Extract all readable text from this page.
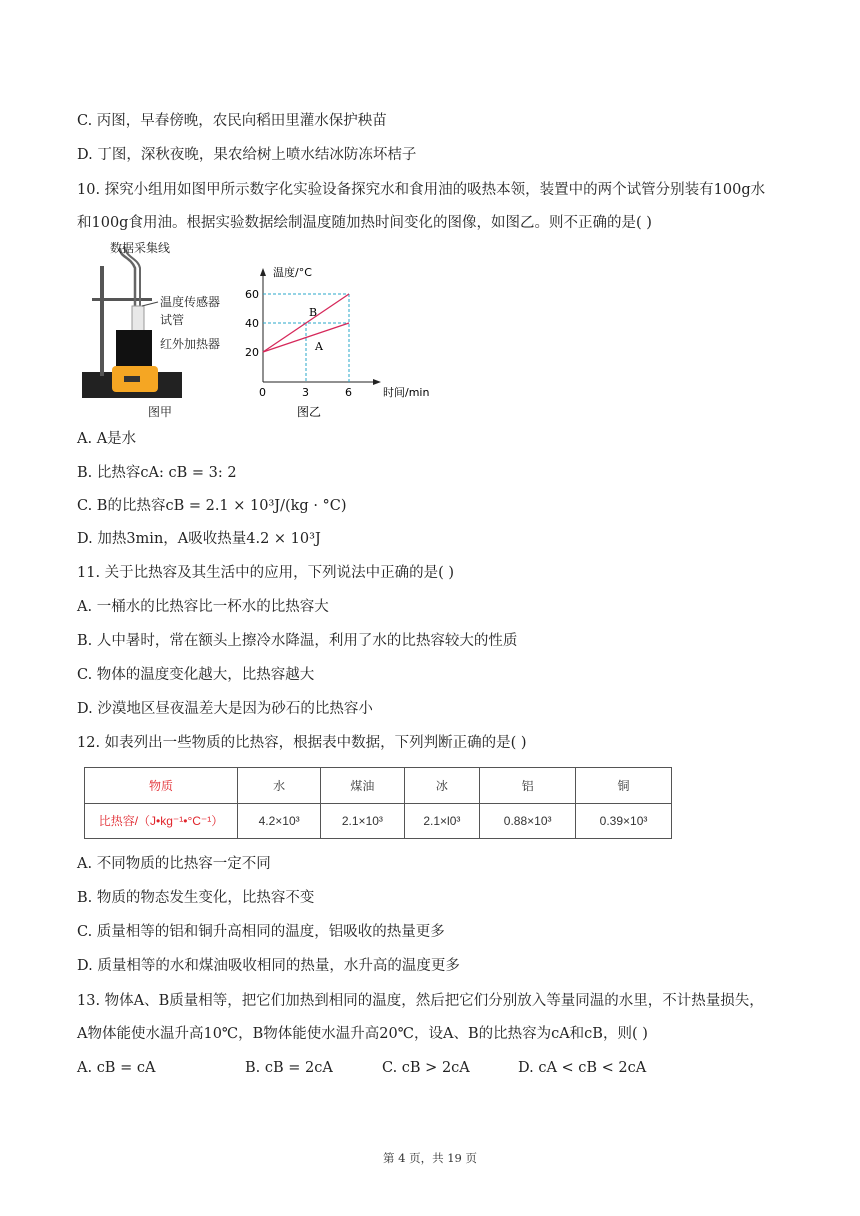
C. 丙图，早春傍晚，农民向稻田里灌水保护秧苗
D. 丁图，深秋夜晚，果农给树上喷水结冰防冻坏桔子
10. 探究小组用如图甲所示数字化实验设备探究水和食用油的吸热本领，装置中的两个试管分别装有100g水
和100g食用油。根据实验数据绘制温度随加热时间变化的图像，如图乙。则不正确的是( )
数据采集线
温度传感器
试管
红外加热器
图甲
温度/°C
时间/min
20
40
60
0	3	6
B
A
图乙
A. A是水
B. 比热容cA: cB = 3: 2
C. B的比热容cB = 2.1 × 10³J/(kg · °C)
D. 加热3min，A吸收热量4.2 × 10³J
11. 关于比热容及其生活中的应用，下列说法中正确的是( )
A. 一桶水的比热容比一杯水的比热容大
B. 人中暑时，常在额头上擦冷水降温，利用了水的比热容较大的性质
C. 物体的温度变化越大，比热容越大
D. 沙漠地区昼夜温差大是因为砂石的比热容小
12. 如表列出一些物质的比热容，根据表中数据，下列判断正确的是( )
物质	水	煤油	冰	铝	铜
比热容/（J•kg⁻¹•°C⁻¹）	4.2×10³	2.1×10³	2.1×l0³	0.88×10³	0.39×10³
A. 不同物质的比热容一定不同
B. 物质的物态发生变化，比热容不变
C. 质量相等的铝和铜升高相同的温度，铝吸收的热量更多
D. 质量相等的水和煤油吸收相同的热量，水升高的温度更多
13. 物体A、B质量相等，把它们加热到相同的温度，然后把它们分别放入等量同温的水里，不计热量损失，
A物体能使水温升高10℃，B物体能使水温升高20℃，设A、B的比热容为cA和cB，则( )
A. cB = cA	B. cB = 2cA	C. cB > 2cA	D. cA < cB < 2cA
第 4 页，共 19 页
